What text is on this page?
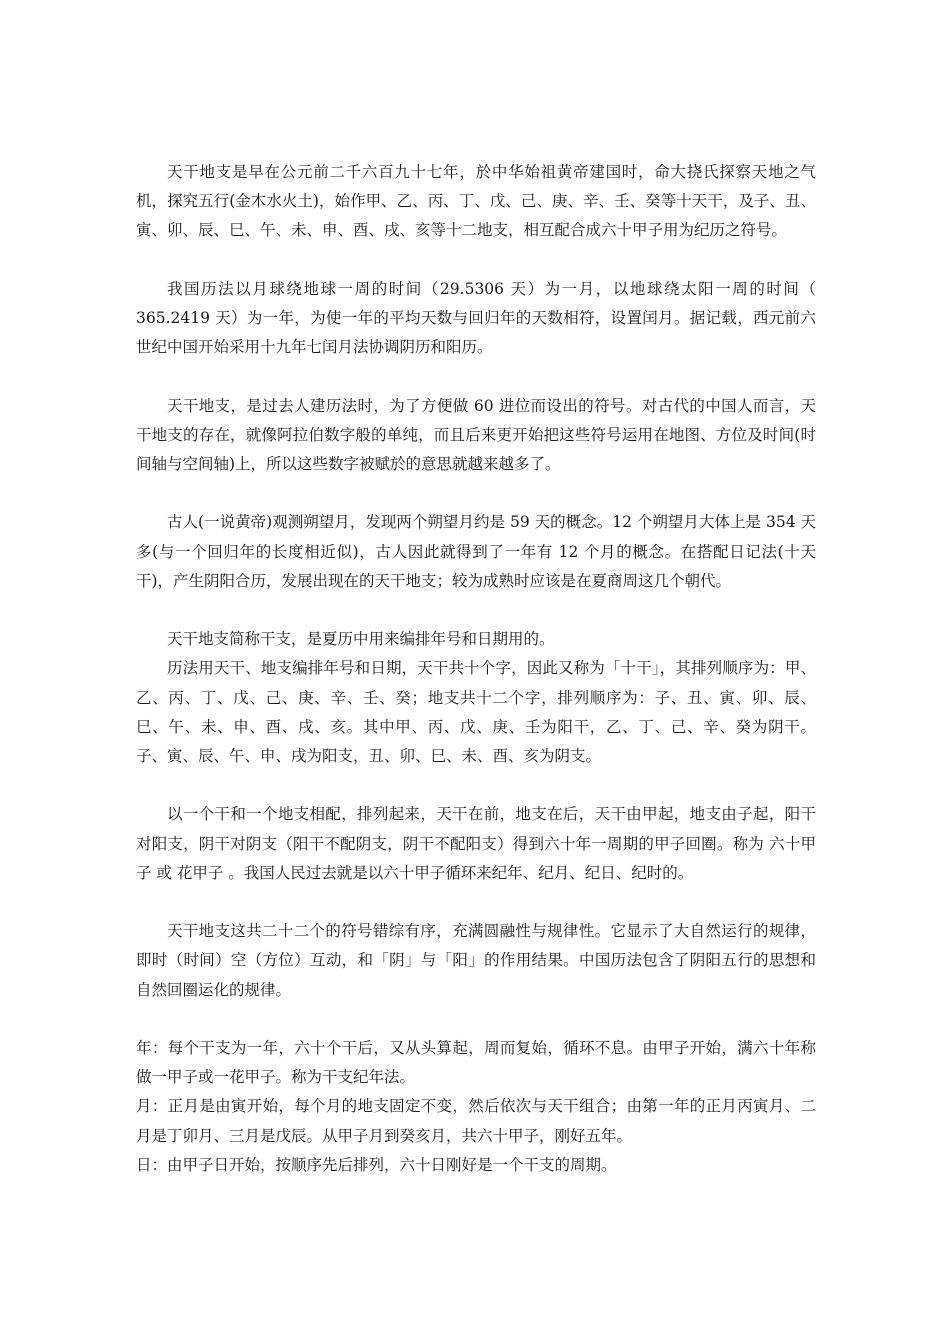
天干地支是早在公元前二千六百九十七年，於中华始祖黄帝建国时，命大挠氏探察天地之气机，探究五行(金木水火土)，始作甲、乙、丙、丁、戊、己、庚、辛、壬、癸等十天干，及子、丑、寅、卯、辰、巳、午、未、申、酉、戌、亥等十二地支，相互配合成六十甲子用为纪历之符号。

我国历法以月球绕地球一周的时间（29.5306 天）为一月，以地球绕太阳一周的时间（ 365.2419 天）为一年，为使一年的平均天数与回归年的天数相符，设置闰月。据记载，西元前六世纪中国开始采用十九年七闰月法协调阴历和阳历。

天干地支，是过去人建历法时，为了方便做 60 进位而设出的符号。对古代的中国人而言，天干地支的存在，就像阿拉伯数字般的单纯，而且后来更开始把这些符号运用在地图、方位及时间(时间轴与空间轴)上，所以这些数字被赋於的意思就越来越多了。

古人(一说黄帝)观测朔望月，发现两个朔望月约是 59 天的概念。12 个朔望月大体上是 354 天多(与一个回归年的长度相近似)，古人因此就得到了一年有 12 个月的概念。在搭配日记法(十天干)，产生阴阳合历，发展出现在的天干地支；较为成熟时应该是在夏商周这几个朝代。

天干地支简称干支，是夏历中用来编排年号和日期用的。

历法用天干、地支编排年号和日期，天干共十个字，因此又称为「十干」，其排列顺序为：甲、乙、丙、丁、戊、己、庚、辛、壬、癸；地支共十二个字，排列顺序为：子、丑、寅、卯、辰、巳、午、未、申、酉、戌、亥。其中甲、丙、戊、庚、壬为阳干，乙、丁、己、辛、癸为阴干。子、寅、辰、午、申、戌为阳支，丑、卯、巳、未、酉、亥为阴支。

以一个干和一个地支相配，排列起来，天干在前，地支在后，天干由甲起，地支由子起，阳干对阳支，阴干对阴支（阳干不配阴支，阴干不配阳支）得到六十年一周期的甲子回圈。称为 六十甲子 或 花甲子 。我国人民过去就是以六十甲子循环来纪年、纪月、纪日、纪时的。

天干地支这共二十二个的符号错综有序，充满圆融性与规律性。它显示了大自然运行的规律，即时（时间）空（方位）互动，和「阴」与「阳」的作用结果。中国历法包含了阴阳五行的思想和自然回圈运化的规律。

年：每个干支为一年，六十个干后，又从头算起，周而复始，循环不息。由甲子开始，满六十年称做一甲子或一花甲子。称为干支纪年法。

月：正月是由寅开始，每个月的地支固定不变，然后依次与天干组合；由第一年的正月丙寅月、二月是丁卯月、三月是戊辰。从甲子月到癸亥月，共六十甲子，刚好五年。

日：由甲子日开始，按顺序先后排列，六十日刚好是一个干支的周期。
